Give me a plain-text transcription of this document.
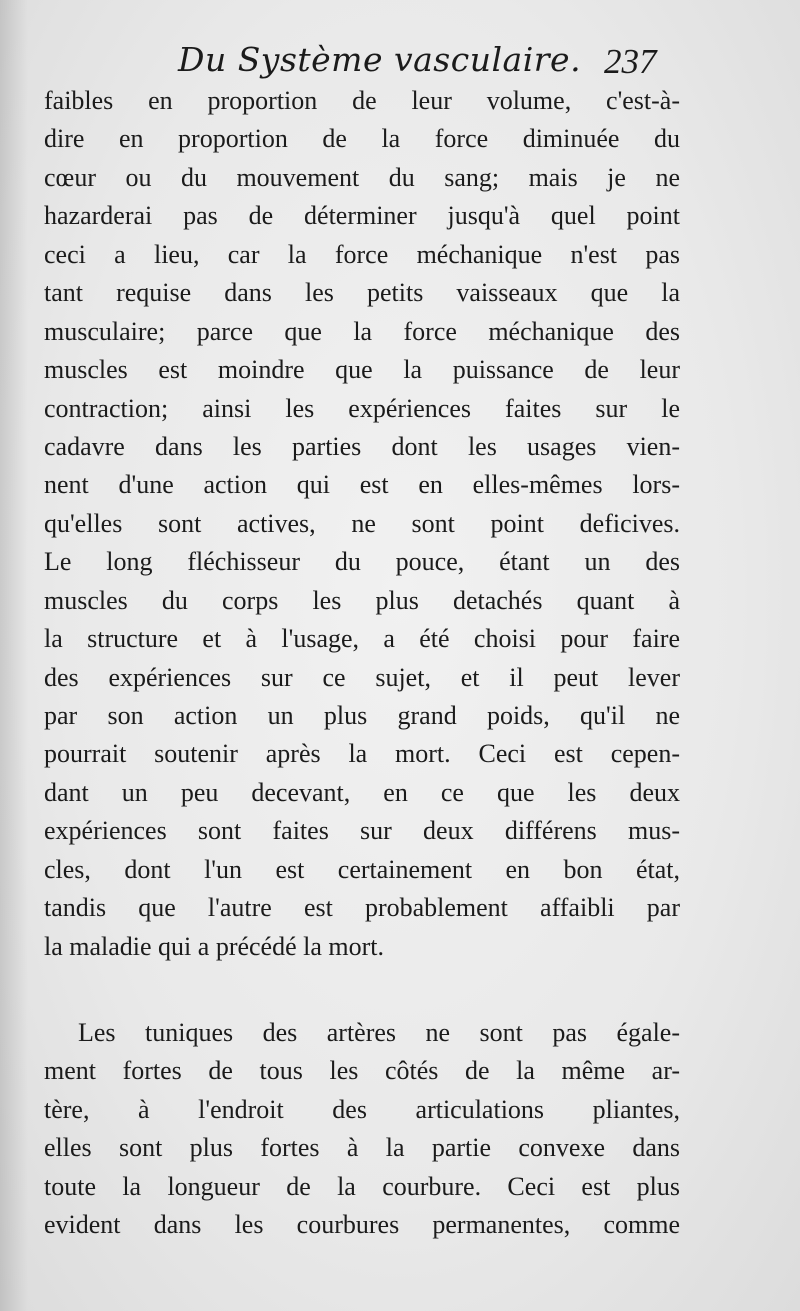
Du Système vasculaire. 237
faibles en proportion de leur volume, c'est-à-
dire en proportion de la force diminuée du
cœur ou du mouvement du sang; mais je ne
hazarderai pas de déterminer jusqu'à quel point
ceci a lieu, car la force méchanique n'est pas
tant requise dans les petits vaisseaux que la
musculaire; parce que la force méchanique des
muscles est moindre que la puissance de leur
contraction; ainsi les expériences faites sur le
cadavre dans les parties dont les usages vien-
nent d'une action qui est en elles-mêmes lors-
qu'elles sont actives, ne sont point deficives.
Le long fléchisseur du pouce, étant un des
muscles du corps les plus detachés quant à
la structure et à l'usage, a été choisi pour faire
des expériences sur ce sujet, et il peut lever
par son action un plus grand poids, qu'il ne
pourrait soutenir après la mort. Ceci est cepen-
dant un peu decevant, en ce que les deux
expériences sont faites sur deux différens mus-
cles, dont l'un est certainement en bon état,
tandis que l'autre est probablement affaibli par
la maladie qui a précédé la mort.
Les tuniques des artères ne sont pas égale-
ment fortes de tous les côtés de la même ar-
tère, à l'endroit des articulations pliantes,
elles sont plus fortes à la partie convexe dans
toute la longueur de la courbure. Ceci est plus
evident dans les courbures permanentes, comme
